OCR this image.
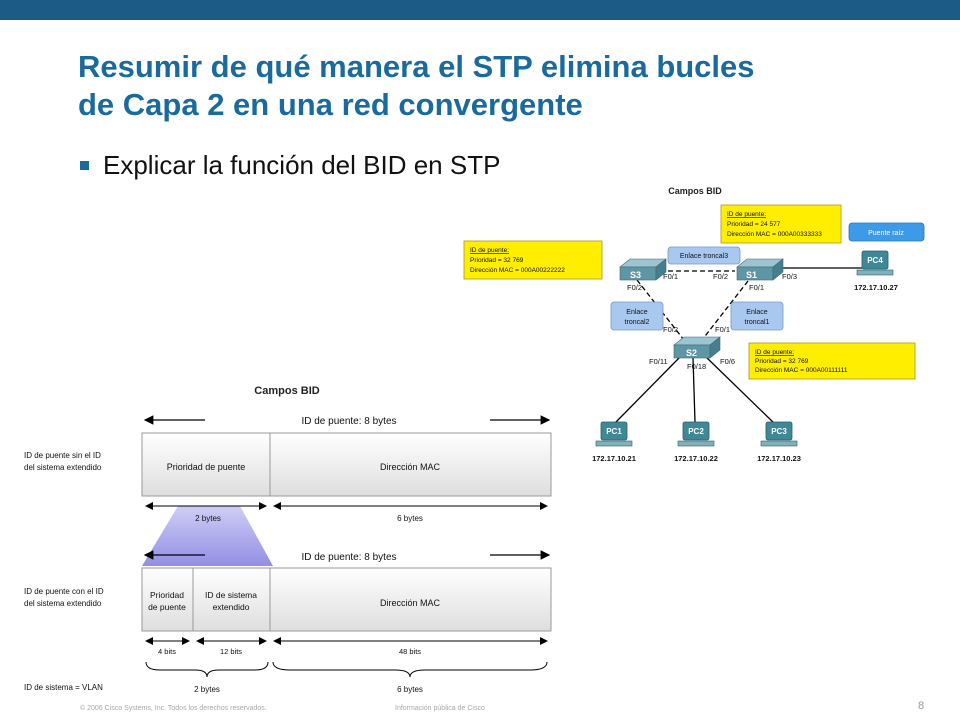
Resumir de qué manera el STP elimina bucles
de Capa 2 en una red convergente
Explicar la función del BID en STP
Campos BID
S3	S1
S2
PC4
172.17.10.27
PC1
172.17.10.21
PC2
172.17.10.22
PC3
172.17.10.23
F0/1
F0/2
F0/2	F0/3
F0/1
F0/2	F0/1
F0/11
F0/18
F0/6
Enlace troncal3
Enlace
troncal2
Enlace
troncal1
Puente raíz
ID de puente:
Prioridad = 24 577
Dirección MAC = 000A00333333
ID de puente:
Prioridad = 32 769
Dirección MAC = 000A00222222
ID de puente:
Prioridad = 32 769
Dirección MAC = 000A00111111
Campos BID
ID de puente sin el ID
del sistema extendido
ID de puente: 8 bytes
Prioridad de puente	Dirección MAC
2 bytes	6 bytes
ID de puente: 8 bytes
ID de puente con el ID
del sistema extendido
Prioridad
de puente
ID de sistema
extendido	Dirección MAC
4 bits	12 bits	48 bits
2 bytes	6 bytes
ID de sistema = VLAN
© 2006 Cisco Systems, Inc. Todos los derechos reservados.	Información pública de Cisco	8
